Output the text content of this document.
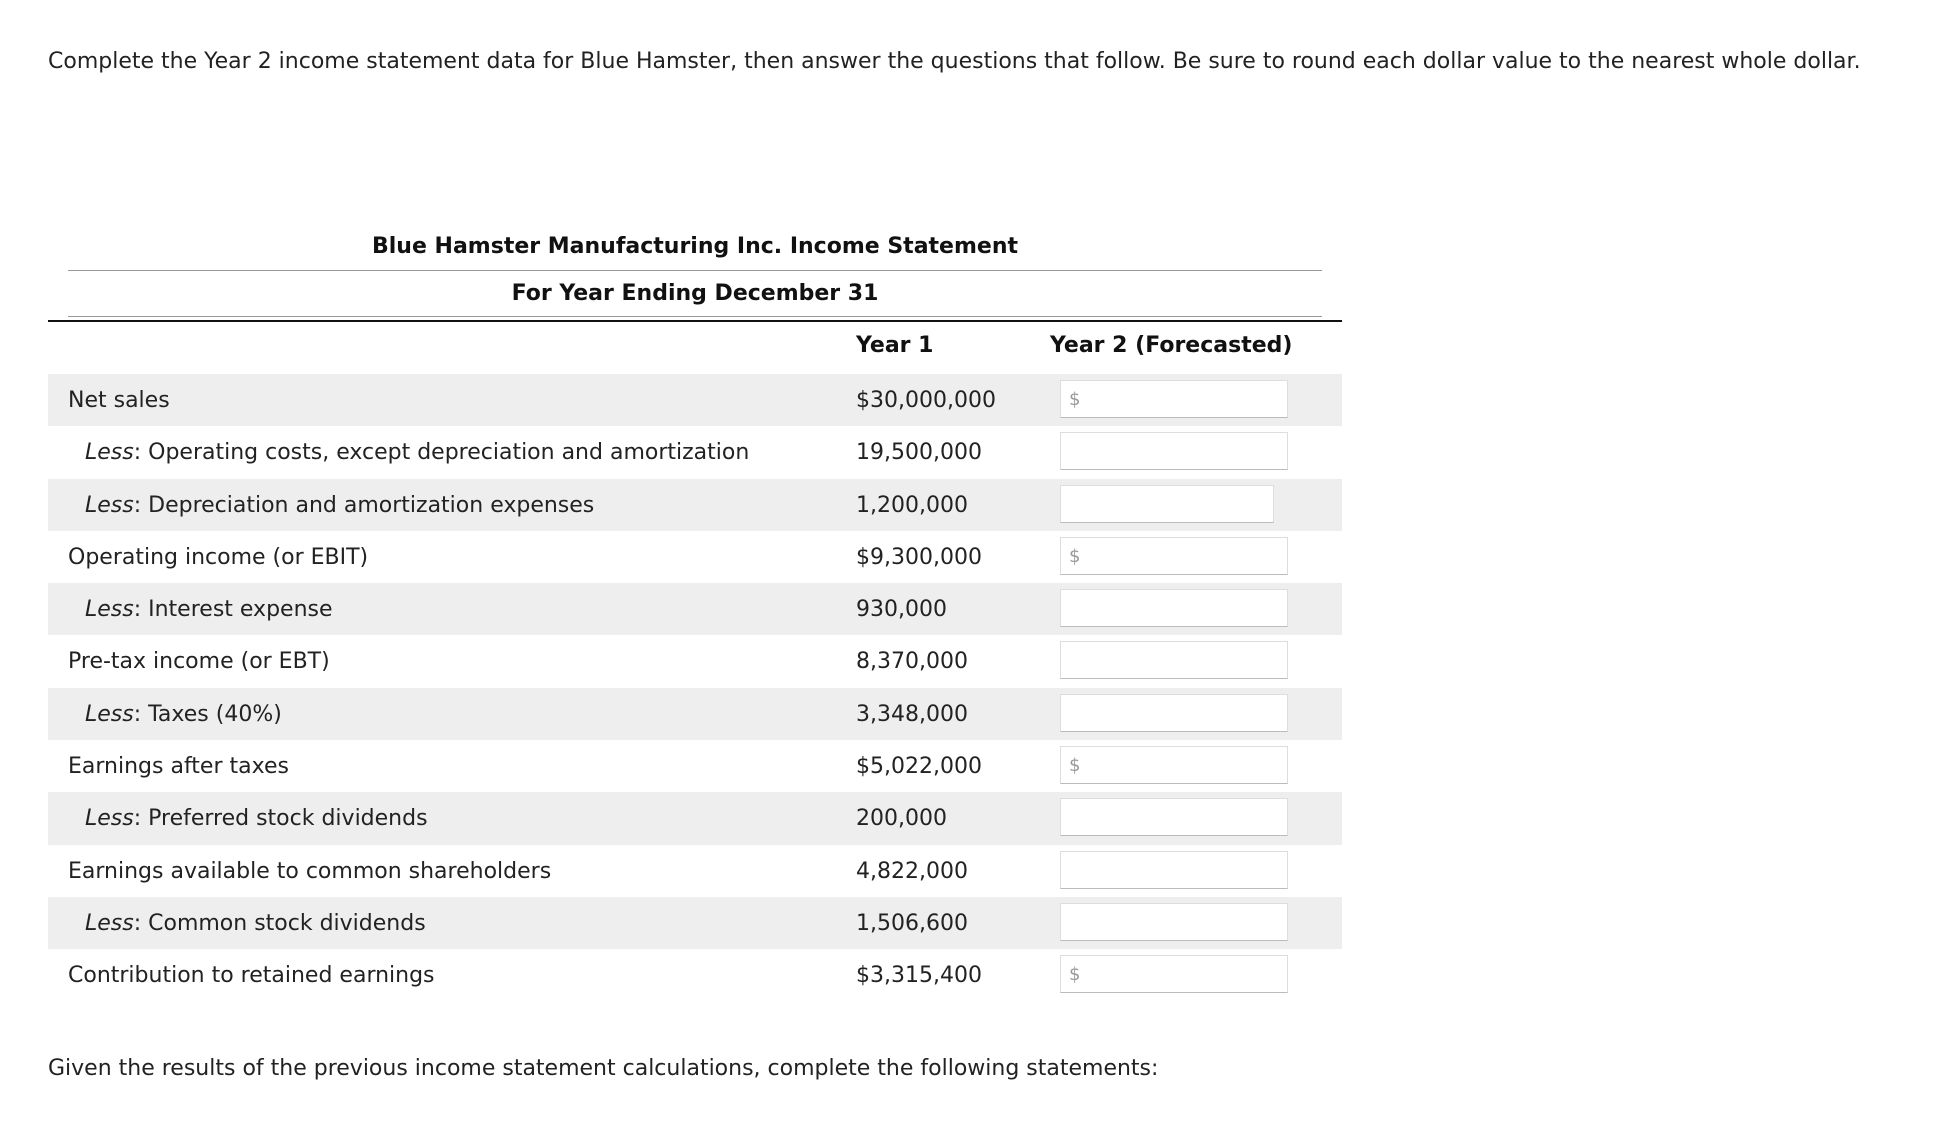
Complete the Year 2 income statement data for Blue Hamster, then answer the questions that follow. Be sure to round each dollar value to the nearest whole dollar.
Blue Hamster Manufacturing Inc. Income Statement
For Year Ending December 31
Year 1	Year 2 (Forecasted)
Net sales	$30,000,000	$
Less: Operating costs, except depreciation and amortization	19,500,000
Less: Depreciation and amortization expenses	1,200,000
Operating income (or EBIT)	$9,300,000	$
Less: Interest expense	930,000
Pre-tax income (or EBT)	8,370,000
Less: Taxes (40%)	3,348,000
Earnings after taxes	$5,022,000	$
Less: Preferred stock dividends	200,000
Earnings available to common shareholders	4,822,000
Less: Common stock dividends	1,506,600
Contribution to retained earnings	$3,315,400	$
Given the results of the previous income statement calculations, complete the following statements:
